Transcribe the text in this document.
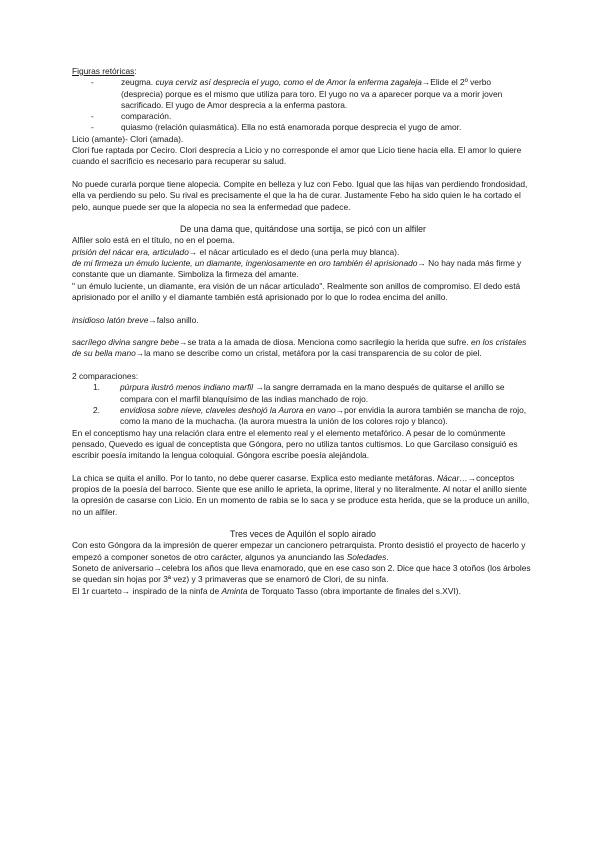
Figuras retóricas:

-	zeugma. cuya cerviz así desprecia el yugo, como el de Amor la enferma zagaleja→Elide el 2º verbo (desprecia) porque es el mismo que utiliza para toro. El yugo no va a aparecer porque va a morir joven sacrificado. El yugo de Amor desprecia a la enferma pastora.
-	comparación.
-	quiasmo (relación quiasmática). Ella no está enamorada porque desprecia el yugo de amor.

Licio (amante)- Clori (amada).

Clori fue raptada por Ceciro. Clori desprecia a Licio y no corresponde el amor que Licio tiene hacia ella. El amor lo quiere cuando el sacrificio es necesario para recuperar su salud.

No puede curarla porque tiene alopecia. Compite en belleza y luz con Febo. Igual que las hijas van perdiendo frondosidad, ella va perdiendo su pelo. Su rival es precisamente el que la ha de curar. Justamente Febo ha sido quien le ha cortado el pelo, aunque puede ser que la alopecia no sea la enfermedad que padece.

De una dama que, quitándose una sortija, se picó con un alfiler

Alfiler solo está en el título, no en el poema.

prisión del nácar era, articulado→ el nácar articulado es el dedo (una perla muy blanca).

de mi firmeza un émulo luciente, un diamante, ingeniosamente en oro también él aprisionado→ No hay nada más firme y constante que un diamante. Simboliza la firmeza del amante.

" un émulo luciente, un diamante, era visión de un nácar articulado". Realmente son anillos de compromiso. El dedo está aprisionado por el anillo y el diamante también está aprisionado por lo que lo rodea encima del anillo.

insidioso latón breve→falso anillo.

sacrílego divina sangre bebe→se trata a la amada de diosa. Menciona como sacrilegio la herida que sufre. en los cristales de su bella mano→la mano se describe como un cristal, metáfora por la casi transparencia de su color de piel.

2 comparaciones:

1.	púrpura ilustró menos indiano marfil →la sangre derramada en la mano después de quitarse el anillo se compara con el marfil blanquísimo de las indias manchado de rojo.
2.	envidiosa sobre nieve, claveles deshojó la Aurora en vano→por envidia la aurora también se mancha de rojo, como la mano de la muchacha. (la aurora muestra la unión de los colores rojo y blanco).

En el conceptismo hay una relación clara entre el elemento real y el elemento metafórico. A pesar de lo comúnmente pensado, Quevedo es igual de conceptista que Góngora, pero no utiliza tantos cultismos. Lo que Garcilaso consiguió es escribir poesía imitando la lengua coloquial. Góngora escribe poesía alejándola.

La chica se quita el anillo. Por lo tanto, no debe querer casarse. Explica esto mediante metáforas. Nácar…→conceptos propios de la poesía del barroco. Siente que ese anillo le aprieta, la oprime, literal y no literalmente. Al notar el anillo siente la opresión de casarse con Licio. En un momento de rabia se lo saca y se produce esta herida, que se la produce un anillo, no un alfiler.

Tres veces de Aquilón el soplo airado

Con esto Góngora da la impresión de querer empezar un cancionero petrarquista. Pronto desistió el proyecto de hacerlo y empezó a componer sonetos de otro carácter, algunos ya anunciando las Soledades.

Soneto de aniversario→celebra los años que lleva enamorado, que en ese caso son 2. Dice que hace 3 otoños (los árboles se quedan sin hojas por 3ª vez) y 3 primaveras que se enamoró de Clori, de su ninfa.

El 1r cuarteto→ inspirado de la ninfa de Aminta de Torquato Tasso (obra importante de finales del s.XVI).
